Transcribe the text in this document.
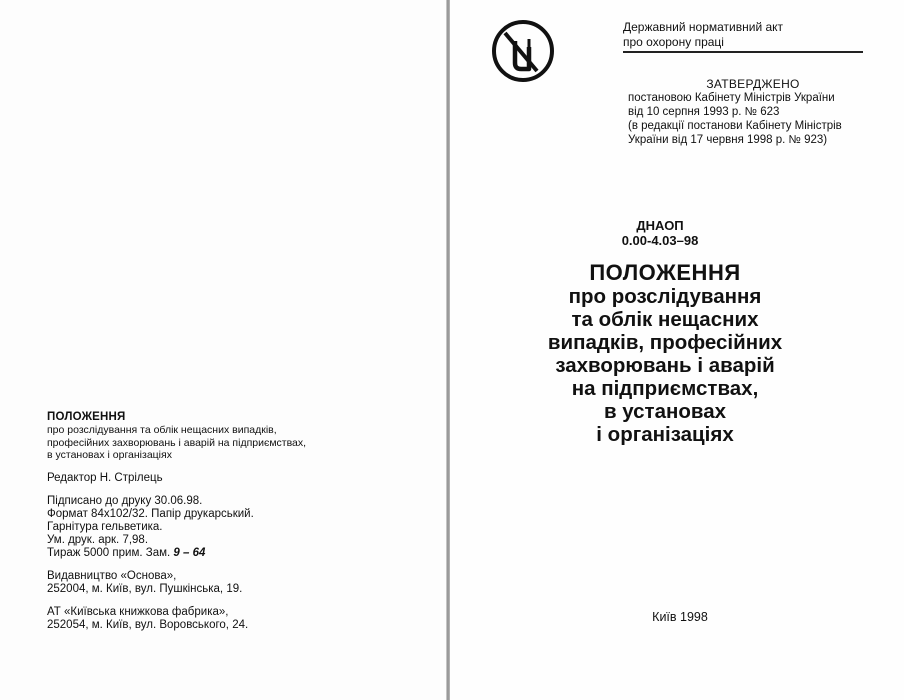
ПОЛОЖЕННЯ
про розслідування та облік нещасних випадків,
професійних захворювань і аварій на підприємствах,
в установах і організаціях
Редактор Н. Стрілець
Підписано до друку 30.06.98.
Формат 84x102/32. Папір друкарський.
Гарнітура гельветика.
Ум. друк. арк. 7,98.
Тираж 5000 прим. Зам. 9 – 64
Видавництво «Основа»,
252004, м. Київ, вул. Пушкінська, 19.
АТ «Київська книжкова фабрика»,
252054, м. Київ, вул. Воровського, 24.
Державний нормативний акт
про охорону праці
ЗАТВЕРДЖЕНО
постановою Кабінету Міністрів України
від 10 серпня 1993 р. № 623
(в редакції постанови Кабінету Міністрів
України від 17 червня 1998 р. № 923)
ДНАОП
0.00-4.03–98
ПОЛОЖЕННЯ
про розслідування
та облік нещасних
випадків, професійних
захворювань і аварій
на підприємствах,
в установах
і організаціях
Київ 1998
